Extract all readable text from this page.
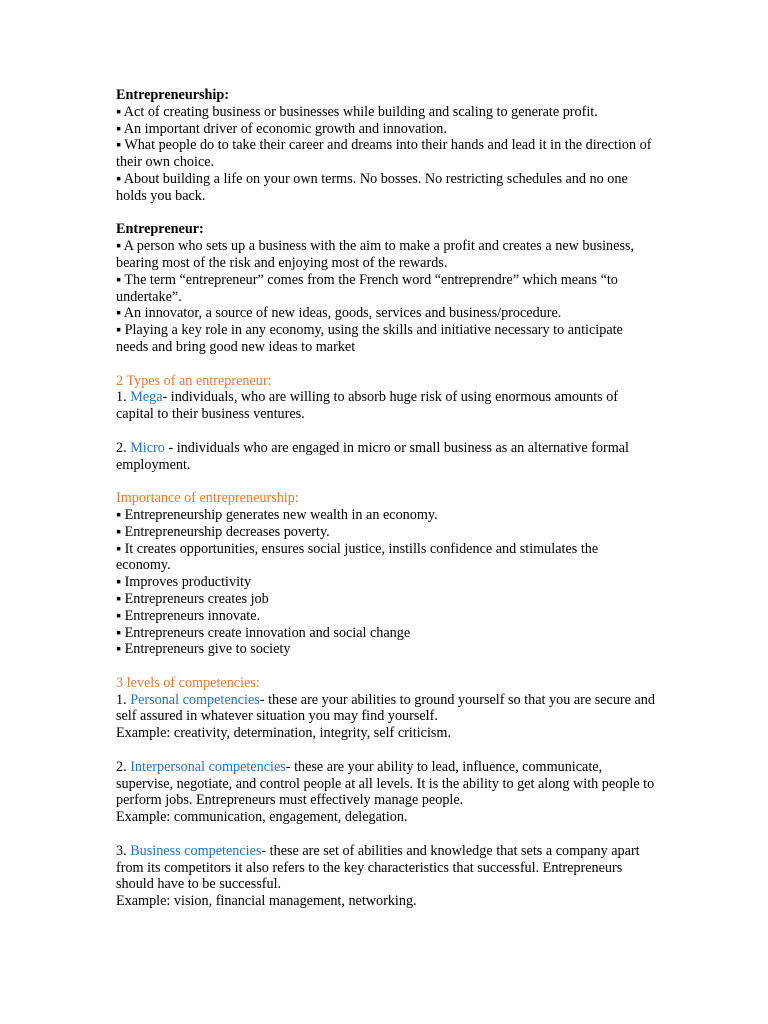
Entrepreneurship:

▪ Act of creating business or businesses while building and scaling to generate profit.

▪ An important driver of economic growth and innovation.

▪ What people do to take their career and dreams into their hands and lead it in the direction of their own choice.

▪ About building a life on your own terms. No bosses. No restricting schedules and no one holds you back.

Entrepreneur:

▪ A person who sets up a business with the aim to make a profit and creates a new business, bearing most of the risk and enjoying most of the rewards.

▪ The term “entrepreneur” comes from the French word “entreprendre” which means “to undertake”.

▪ An innovator, a source of new ideas, goods, services and business/procedure.

▪ Playing a key role in any economy, using the skills and initiative necessary to anticipate needs and bring good new ideas to market

2 Types of an entrepreneur:

1. Mega- individuals, who are willing to absorb huge risk of using enormous amounts of capital to their business ventures.

2. Micro - individuals who are engaged in micro or small business as an alternative formal employment.

Importance of entrepreneurship:

▪ Entrepreneurship generates new wealth in an economy.

▪ Entrepreneurship decreases poverty.

▪ It creates opportunities, ensures social justice, instills confidence and stimulates the economy.

▪ Improves productivity

▪ Entrepreneurs creates job

▪ Entrepreneurs innovate.

▪ Entrepreneurs create innovation and social change

▪ Entrepreneurs give to society

3 levels of competencies:

1. Personal competencies- these are your abilities to ground yourself so that you are secure and self assured in whatever situation you may find yourself.

Example: creativity, determination, integrity, self criticism.

2. Interpersonal competencies- these are your ability to lead, influence, communicate, supervise, negotiate, and control people at all levels. It is the ability to get along with people to perform jobs. Entrepreneurs must effectively manage people.

Example: communication, engagement, delegation.

3. Business competencies- these are set of abilities and knowledge that sets a company apart from its competitors it also refers to the key characteristics that successful. Entrepreneurs should have to be successful.

Example: vision, financial management, networking.
